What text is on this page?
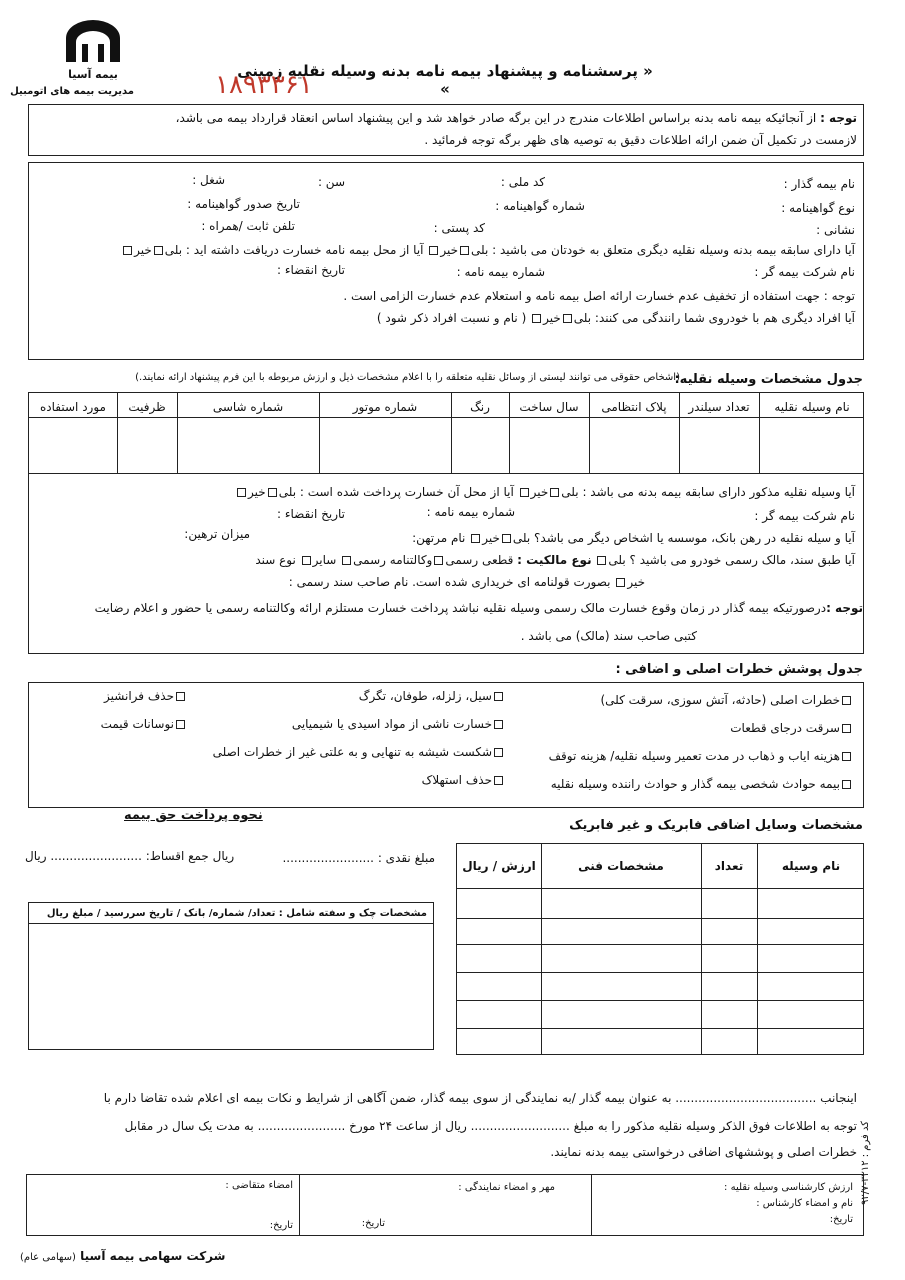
بیمه آسیا
مدیریت بیمه های اتومبیل
« پرسشنامه و پیشنهاد بیمه نامه بدنه وسیله نقلیه زمینی »
۱۸۹۳۳۶۱
توجه : از آنجائیکه بیمه نامه بدنه براساس اطلاعات مندرج در این برگه صادر خواهد شد و این پیشنهاد اساس انعقاد قرارداد بیمه می باشد،
لازمست در تکمیل آن ضمن ارائه اطلاعات دقیق به توصیه های ظهر برگه توجه فرمائید .
نام بیمه گذار :
کد ملی :
سن :
شغل :
نوع گواهینامه :
شماره گواهینامه :
تاریخ صدور گواهینامه :
نشانی :
کد پستی :
تلفن ثابت /همراه :
آیا دارای سابقه بیمه بدنه وسیله نقلیه دیگری متعلق به خودتان می باشید : بلیخیر آیا از محل بیمه نامه خسارت دریافت داشته اید : بلیخیر
نام شرکت بیمه گر :
شماره بیمه نامه :
تاریخ انقضاء :
توجه : جهت استفاده از تخفیف عدم خسارت ارائه اصل بیمه نامه و استعلام عدم خسارت الزامی است .
آیا افراد دیگری هم با خودروی شما رانندگی می کنند: بلیخیر ( نام و نسبت افراد ذکر شود )
جدول مشخصات وسیله نقلیه:
(اشخاص حقوقی می توانند لیستی از وسائل نقلیه متعلقه را با اعلام مشخصات ذیل و ارزش مربوطه با این فرم پیشنهاد ارائه نمایند.)
نام وسیله نقلیه
تعداد سیلندر
پلاک انتظامی
سال ساخت
رنگ
شماره موتور
شماره شاسی
ظرفیت
مورد استفاده
آیا وسیله نقلیه مذکور دارای سابقه بیمه بدنه می باشد : بلیخیر آیا از محل آن خسارت پرداخت شده است : بلیخیر
نام شرکت بیمه گر :
شماره بیمه نامه :
تاریخ انقضاء :
آیا و سیله نقلیه در رهن بانک، موسسه یا اشخاص دیگر می باشد؟ بلیخیر نام مرتهن:
میزان ترهین:
آیا طبق سند، مالک رسمی خودرو می باشید ؟ بلی نوع مالکیت : قطعی رسمیوکالتنامه رسمی سایر نوع سند
خیر بصورت قولنامه ای خریداری شده است. نام صاحب سند رسمی :
توجه :درصورتیکه بیمه گذار در زمان وقوع خسارت مالک رسمی وسیله نقلیه نباشد پرداخت خسارت مستلزم ارائه وکالتنامه رسمی یا حضور و اعلام رضایت
کتبی صاحب سند (مالک) می باشد .
جدول پوشش خطرات اصلی و اضافی :
خطرات اصلی (حادثه، آتش سوزی، سرقت کلی)
سرقت درجای قطعات
هزینه ایاب و ذهاب در مدت تعمیر وسیله نقلیه/ هزینه توقف
بیمه حوادث شخصی بیمه گذار و حوادث راننده وسیله نقلیه
سیل، زلزله، طوفان، تگرگ
خسارت ناشی از مواد اسیدی یا شیمیایی
شکست شیشه به تنهایی و به علتی غیر از خطرات اصلی
حذف استهلاک
حذف فرانشیز
نوسانات قیمت
مشخصات وسایل اضافی فابریک و غیر فابریک
نام وسیله
تعداد
مشخصات فنی
ارزش / ریال
نحوه پرداخت حق بیمه
مبلغ نقدی : ........................
ریال جمع اقساط: ........................ ریال
مشخصات چک و سفته شامل : تعداد/ شماره/ بانک / تاریخ سررسید / مبلغ ریال
اینجانب ..................................... به عنوان بیمه گذار /به نمایندگی از سوی بیمه گذار، ضمن آگاهی از شرایط و نکات بیمه ای اعلام شده تقاضا دارم با
توجه به اطلاعات فوق الذکر وسیله نقلیه مذکور را به مبلغ .......................... ریال از ساعت ۲۴ مورخ ....................... به مدت یک سال در مقابل
خطرات اصلی و پوششهای اضافی درخواستی بیمه بدنه نمایند.
کد فرم : ۳۲۱۲-۹۲/۷
ارزش کارشناسی وسیله نقلیه :
نام و امضاء کارشناس :
تاریخ:
مهر و امضاء نمایندگی :
تاریخ:
امضاء متقاضی :
تاریخ:
شرکت سهامی بیمه آسیا (سهامی عام)
